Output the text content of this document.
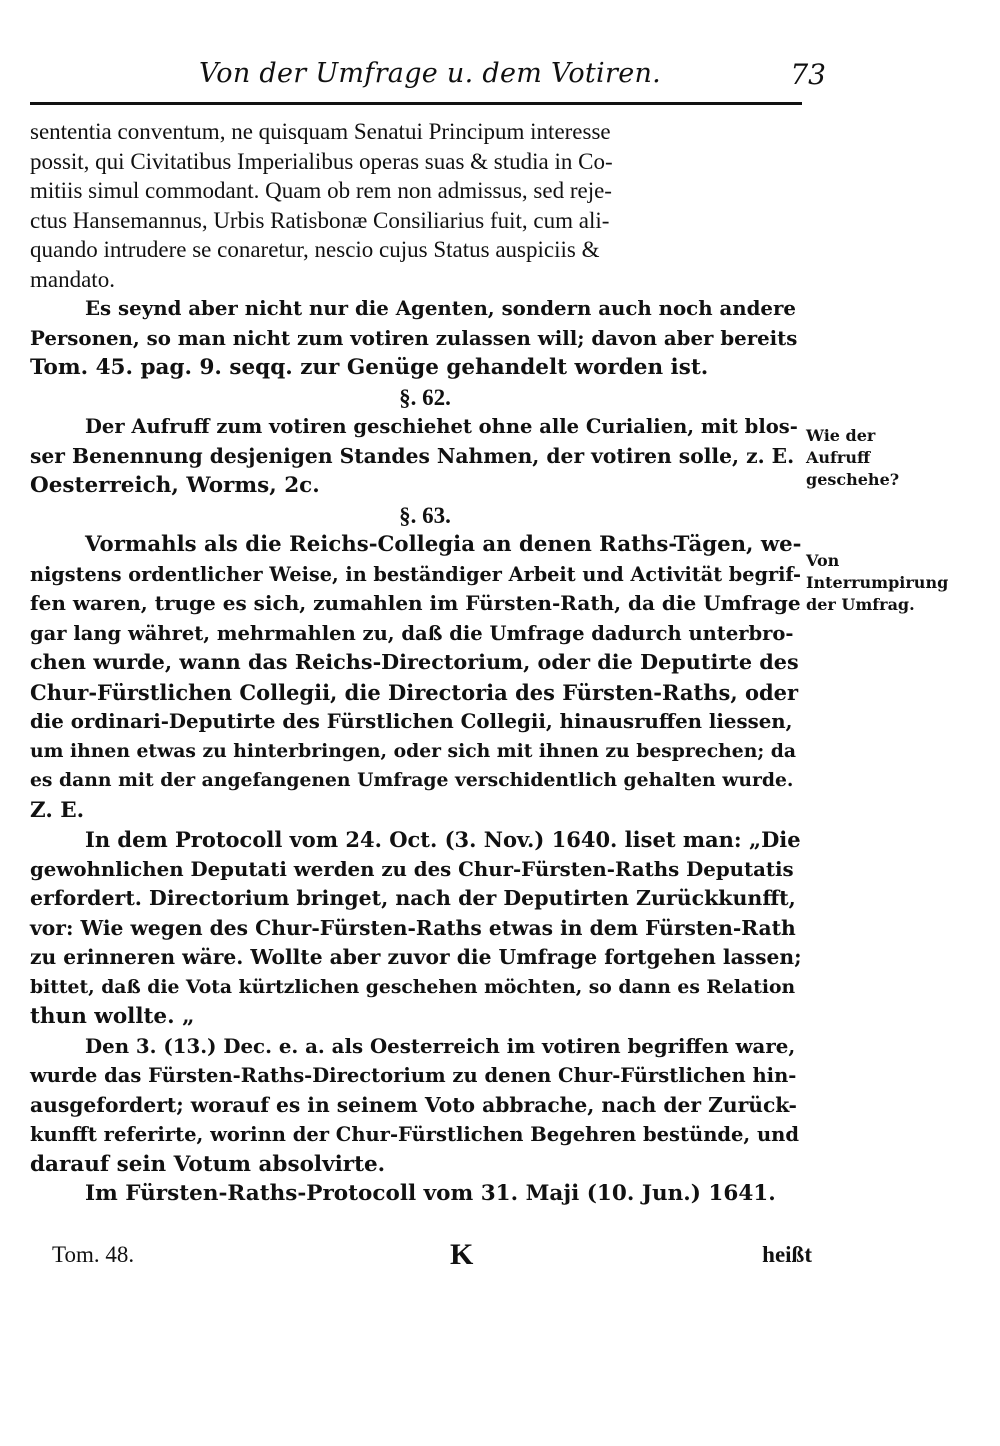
Von der Umfrage u. dem Votiren.	73
sententia conventum, ne quisquam Senatui Principum interesse
possit, qui Civitatibus Imperialibus operas suas & studia in Co-
mitiis simul commodant. Quam ob rem non admissus, sed reje-
ctus Hansemannus, Urbis Ratisbonæ Consiliarius fuit, cum ali-
quando intrudere se conaretur, nescio cujus Status auspiciis &
mandato.
Es seynd aber nicht nur die Agenten, sondern auch noch andere
Personen, so man nicht zum votiren zulassen will; davon aber bereits
Tom. 45. pag. 9. seqq. zur Genüge gehandelt worden ist.
§. 62.
Der Aufruff zum votiren geschiehet ohne alle Curialien, mit blos-
ser Benennung desjenigen Standes Nahmen, der votiren solle, z. E.
Oesterreich, Worms, 2c.
§. 63.
Vormahls als die Reichs-Collegia an denen Raths-Tägen, we-
nigstens ordentlicher Weise, in beständiger Arbeit und Activität begrif-
fen waren, truge es sich, zumahlen im Fürsten-Rath, da die Umfrage
gar lang währet, mehrmahlen zu, daß die Umfrage dadurch unterbro-
chen wurde, wann das Reichs-Directorium, oder die Deputirte des
Chur-Fürstlichen Collegii, die Directoria des Fürsten-Raths, oder
die ordinari-Deputirte des Fürstlichen Collegii, hinausruffen liessen,
um ihnen etwas zu hinterbringen, oder sich mit ihnen zu besprechen; da
es dann mit der angefangenen Umfrage verschidentlich gehalten wurde.
Z. E.
In dem Protocoll vom 24. Oct. (3. Nov.) 1640. liset man: „Die
gewohnlichen Deputati werden zu des Chur-Fürsten-Raths Deputatis
erfordert. Directorium bringet, nach der Deputirten Zurückkunfft,
vor: Wie wegen des Chur-Fürsten-Raths etwas in dem Fürsten-Rath
zu erinneren wäre. Wollte aber zuvor die Umfrage fortgehen lassen;
bittet, daß die Vota kürtzlichen geschehen möchten, so dann es Relation
thun wollte. „
Den 3. (13.) Dec. e. a. als Oesterreich im votiren begriffen ware,
wurde das Fürsten-Raths-Directorium zu denen Chur-Fürstlichen hin-
ausgefordert; worauf es in seinem Voto abbrache, nach der Zurück-
kunfft referirte, worinn der Chur-Fürstlichen Begehren bestünde, und
darauf sein Votum absolvirte.
Im Fürsten-Raths-Protocoll vom 31. Maji (10. Jun.) 1641.
Wie der Aufruff geschehe?
Von Interrumpirung der Umfrag.
Tom. 48.	K	heißt
